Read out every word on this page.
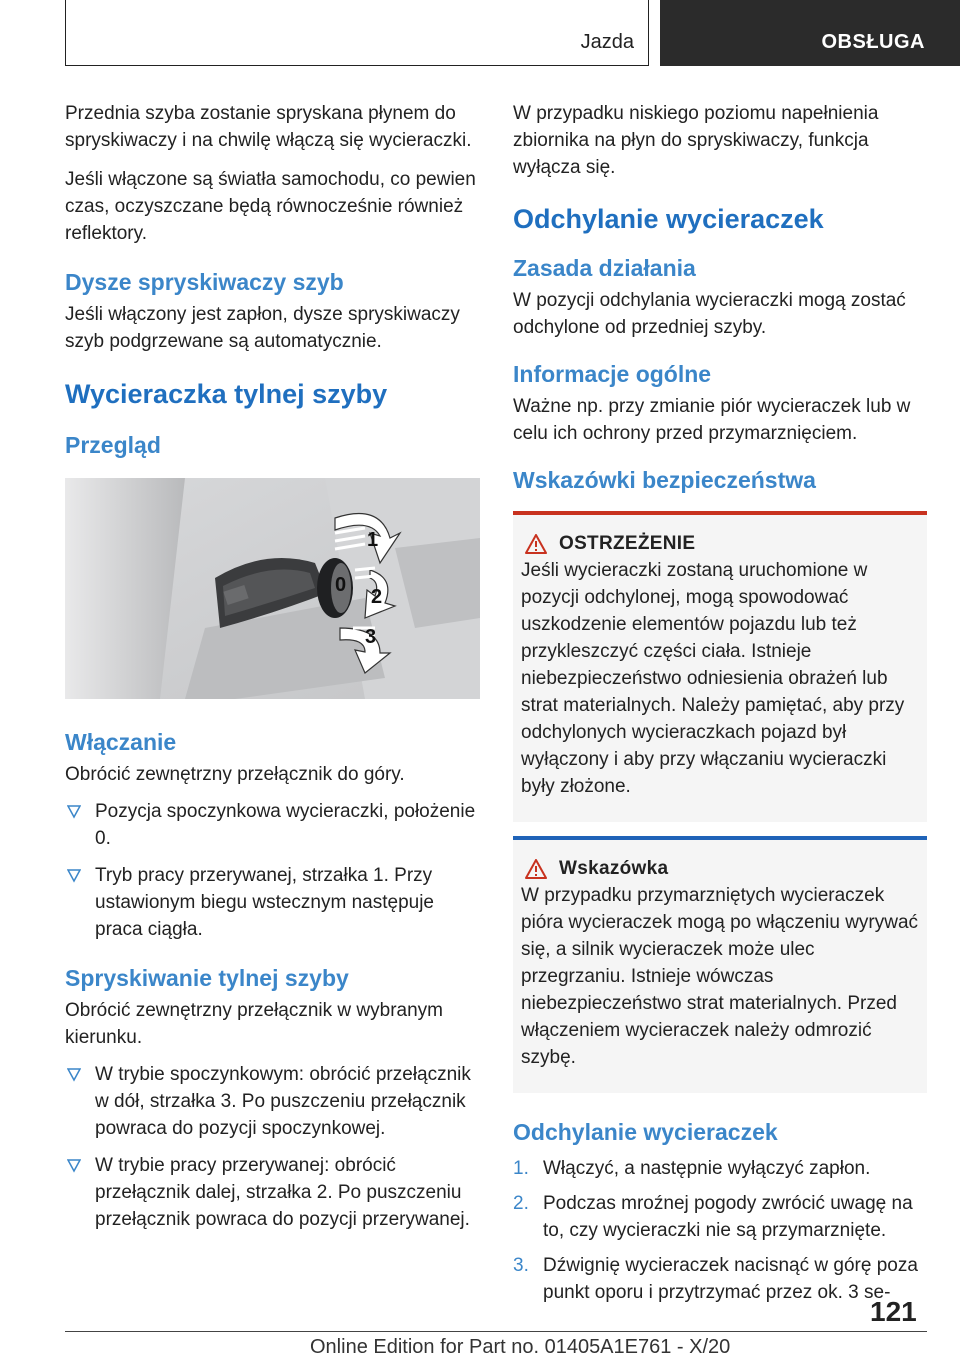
Jazda	OBSŁUGA

Przednia szyba zostanie spryskana płynem do spryskiwaczy i na chwilę włączą się wycieraczki.

Jeśli włączone są światła samochodu, co pewien czas, oczyszczane będą równocześnie również reflektory.

Dysze spryskiwaczy szyb

Jeśli włączony jest zapłon, dysze spryskiwaczy szyb podgrzewane są automatycznie.

Wycieraczka tylnej szyby
Przegląd
1
0
2
3
Włączanie

Obrócić zewnętrzny przełącznik do góry.

Pozycja spoczynkowa wycieraczki, położenie 0.
Tryb pracy przerywanej, strzałka 1. Przy ustawionym biegu wstecznym następuje praca ciągła.
Spryskiwanie tylnej szyby

Obrócić zewnętrzny przełącznik w wybranym kierunku.

W trybie spoczynkowym: obrócić przełącznik w dół, strzałka 3. Po puszczeniu przełącznik powraca do pozycji spoczynkowej.
W trybie pracy przerywanej: obrócić przełącznik dalej, strzałka 2. Po puszczeniu przełącznik powraca do pozycji przerywanej.

W przypadku niskiego poziomu napełnienia zbiornika na płyn do spryskiwaczy, funkcja wyłącza się.

Odchylanie wycieraczek
Zasada działania

W pozycji odchylania wycieraczki mogą zostać odchylone od przedniej szyby.

Informacje ogólne

Ważne np. przy zmianie piór wycieraczek lub w celu ich ochrony przed przymarznięciem.

Wskazówki bezpieczeństwa
OSTRZEŻENIE

Jeśli wycieraczki zostaną uruchomione w pozycji odchylonej, mogą spowodować uszkodzenie elementów pojazdu lub też przykleszczyć części ciała. Istnieje niebezpieczeństwo odniesienia obrażeń lub strat materialnych. Należy pamiętać, aby przy odchylonych wycieraczkach pojazd był wyłączony i aby przy włączaniu wycieraczki były złożone.

Wskazówka

W przypadku przymarzniętych wycieraczek pióra wycieraczek mogą po włączeniu wyrywać się, a silnik wycieraczek może ulec przegrzaniu. Istnieje wówczas niebezpieczeństwo strat materialnych. Przed włączeniem wycieraczek należy odmrozić szybę.

Odchylanie wycieraczek
1. Włączyć, a następnie wyłączyć zapłon.
2. Podczas mroźnej pogody zwrócić uwagę na to, czy wycieraczki nie są przymarznięte.
3. Dźwignię wycieraczek nacisnąć w górę poza punkt oporu i przytrzymać przez ok. 3 se-
121
Online Edition for Part no. 01405A1E761 - X/20
